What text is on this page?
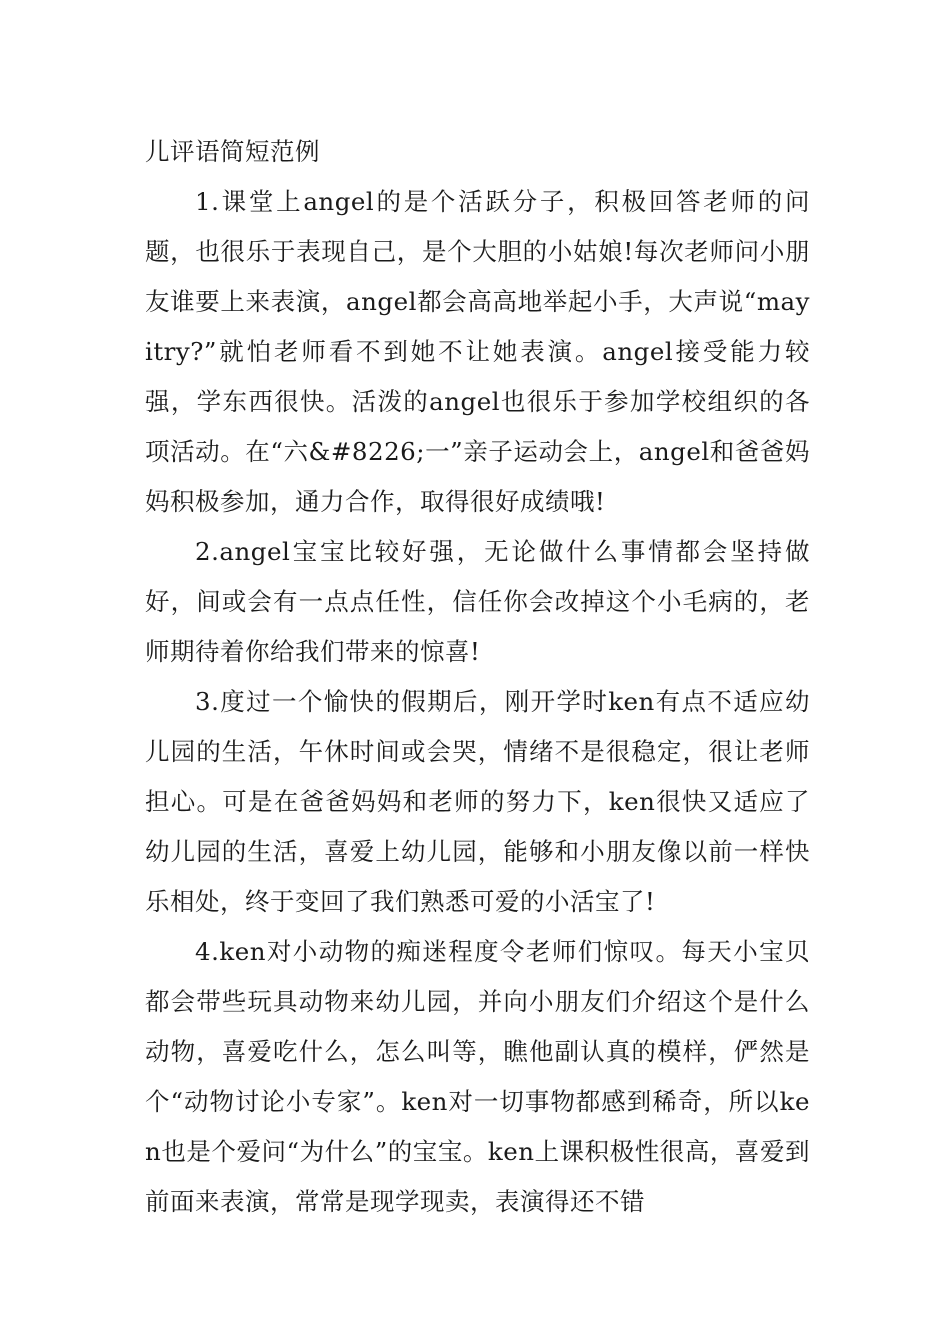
儿评语简短范例

1.课堂上angel的是个活跃分子，积极回答老师的问题，也很乐于表现自己，是个大胆的小姑娘!每次老师问小朋友谁要上来表演，angel都会高高地举起小手，大声说“mayitry?”就怕老师看不到她不让她表演。angel接受能力较强，学东西很快。活泼的angel也很乐于参加学校组织的各项活动。在“六&#8226;一”亲子运动会上，angel和爸爸妈妈积极参加，通力合作，取得很好成绩哦!

2.angel宝宝比较好强，无论做什么事情都会坚持做好，间或会有一点点任性，信任你会改掉这个小毛病的，老师期待着你给我们带来的惊喜!

3.度过一个愉快的假期后，刚开学时ken有点不适应幼儿园的生活，午休时间或会哭，情绪不是很稳定，很让老师担心。可是在爸爸妈妈和老师的努力下，ken很快又适应了幼儿园的生活，喜爱上幼儿园，能够和小朋友像以前一样快乐相处，终于变回了我们熟悉可爱的小活宝了!

4.ken对小动物的痴迷程度令老师们惊叹。每天小宝贝都会带些玩具动物来幼儿园，并向小朋友们介绍这个是什么动物，喜爱吃什么，怎么叫等，瞧他副认真的模样，俨然是个“动物讨论小专家”。ken对一切事物都感到稀奇，所以ken也是个爱问“为什么”的宝宝。ken上课积极性很高，喜爱到前面来表演，常常是现学现卖，表演得还不错
